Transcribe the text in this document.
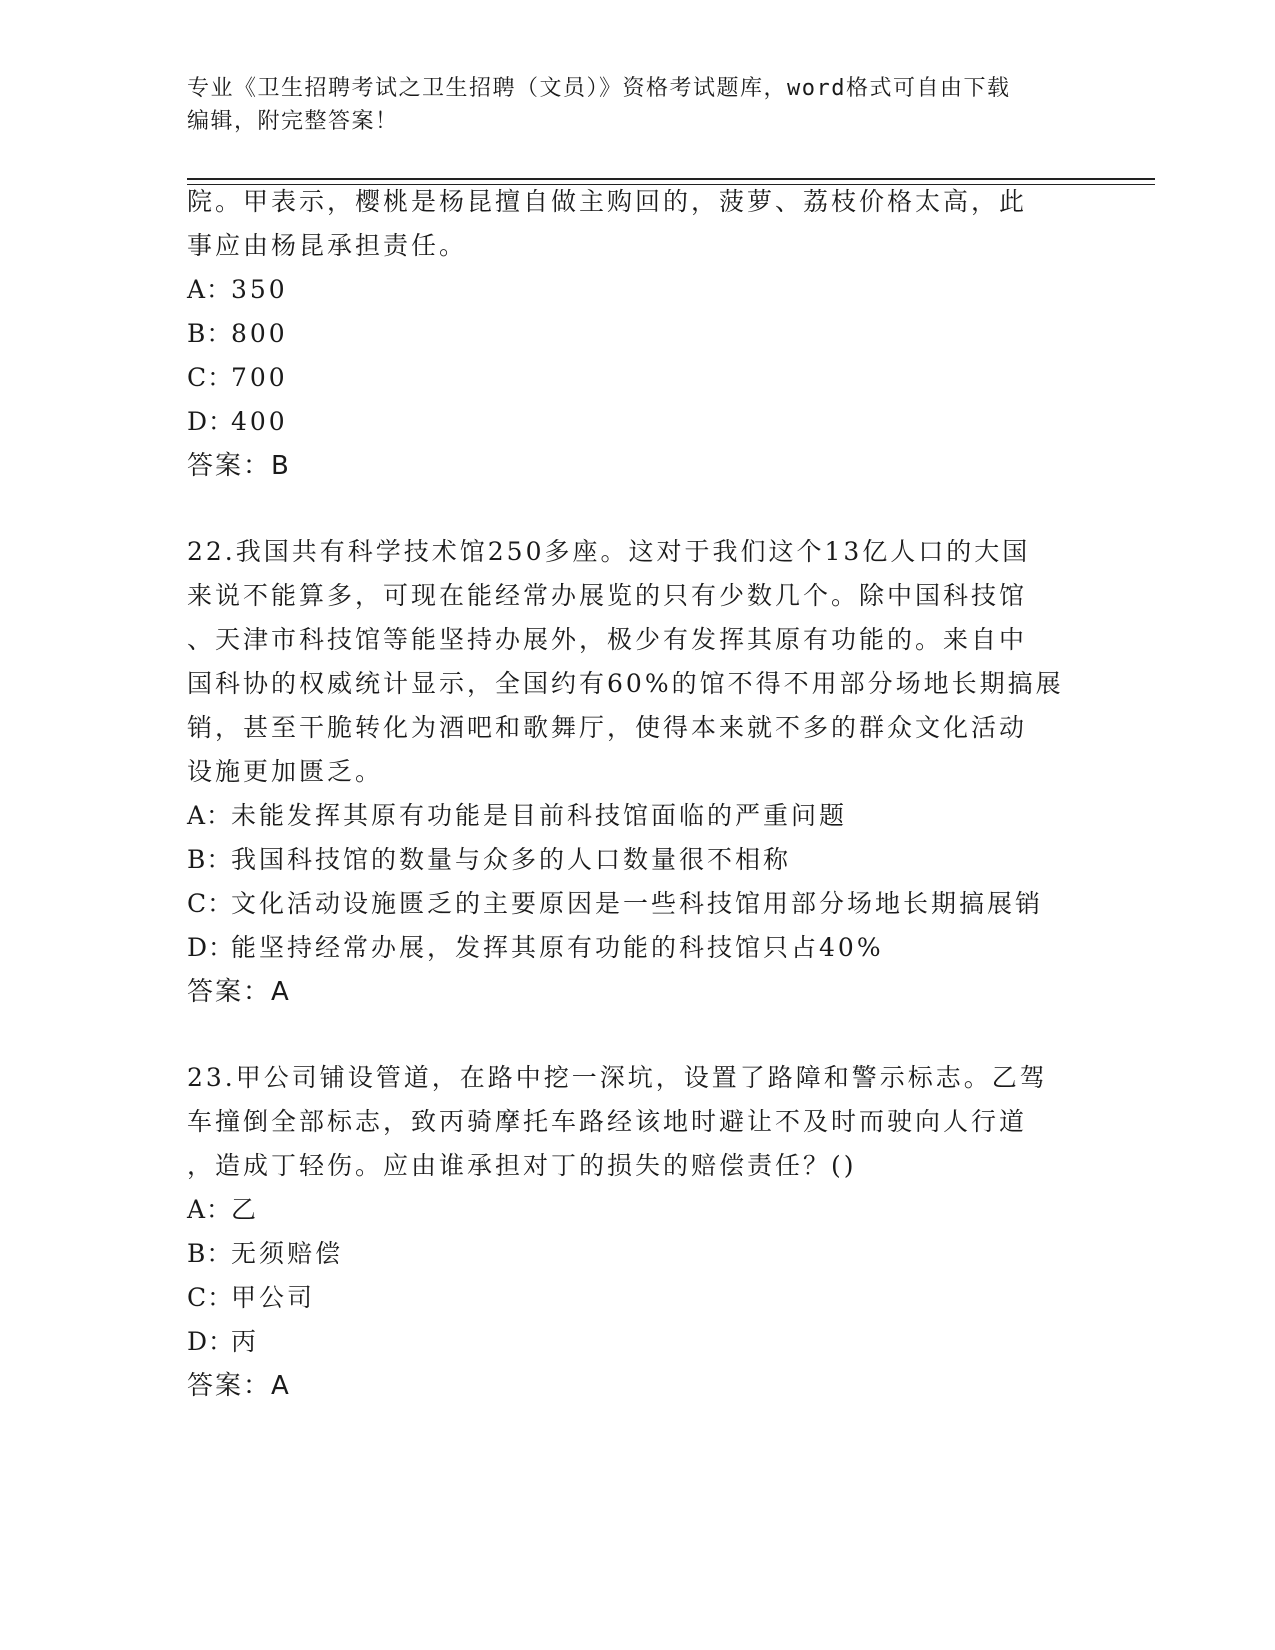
专业《卫生招聘考试之卫生招聘（文员）》资格考试题库，word格式可自由下载
编辑，附完整答案！
院。甲表示，樱桃是杨昆擅自做主购回的，菠萝、荔枝价格太高，此
事应由杨昆承担责任。
A：350
B：800
C：700
D：400
答案：B
22.我国共有科学技术馆250多座。这对于我们这个13亿人口的大国
来说不能算多，可现在能经常办展览的只有少数几个。除中国科技馆
、天津市科技馆等能坚持办展外，极少有发挥其原有功能的。来自中
国科协的权威统计显示，全国约有60%的馆不得不用部分场地长期搞展
销，甚至干脆转化为酒吧和歌舞厅，使得本来就不多的群众文化活动
设施更加匮乏。
A：未能发挥其原有功能是目前科技馆面临的严重问题
B：我国科技馆的数量与众多的人口数量很不相称
C：文化活动设施匮乏的主要原因是一些科技馆用部分场地长期搞展销
D：能坚持经常办展，发挥其原有功能的科技馆只占40%
答案：A
23.甲公司铺设管道，在路中挖一深坑，设置了路障和警示标志。乙驾
车撞倒全部标志，致丙骑摩托车路经该地时避让不及时而驶向人行道
，造成丁轻伤。应由谁承担对丁的损失的赔偿责任？()
A：乙
B：无须赔偿
C：甲公司
D：丙
答案：A
